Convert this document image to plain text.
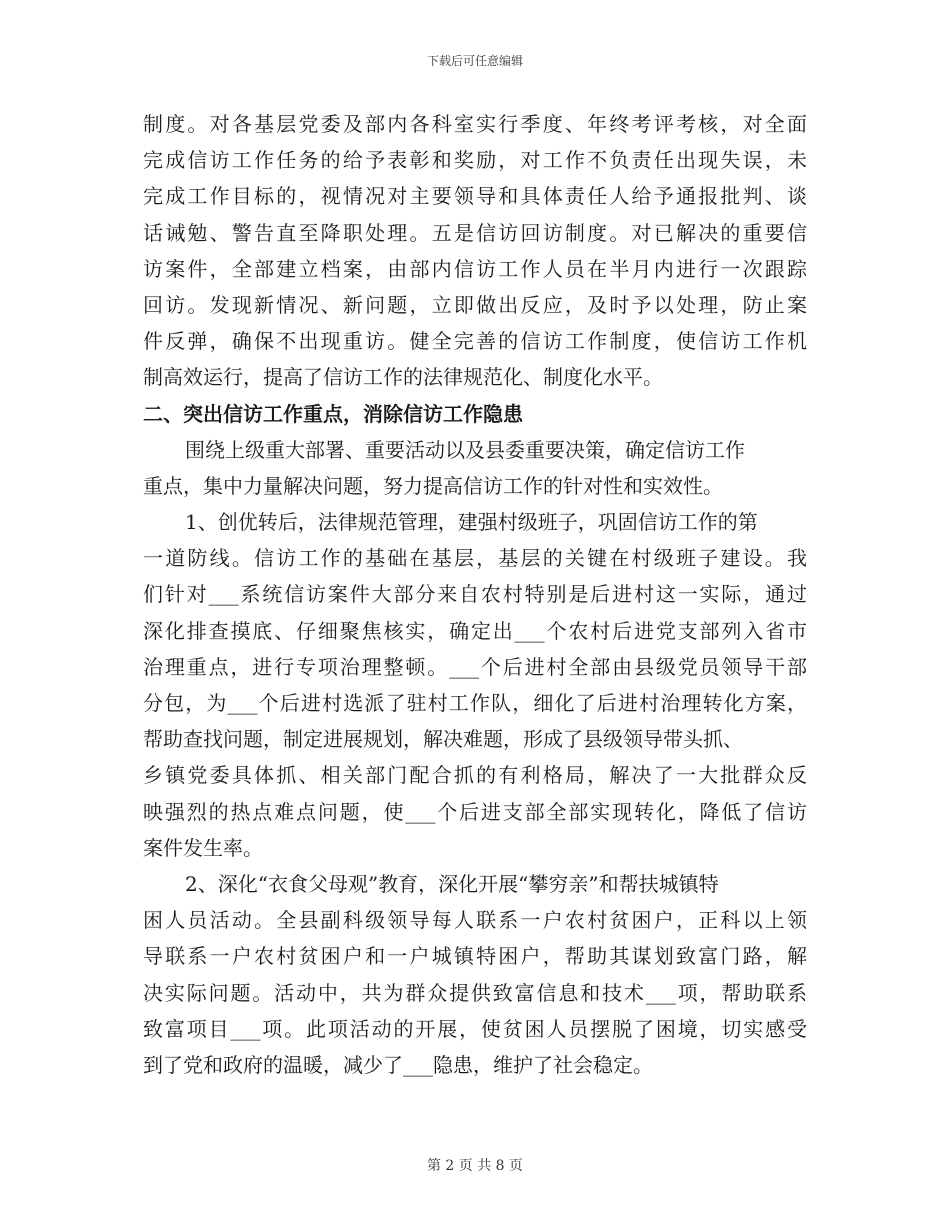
下载后可任意编辑
制度。对各基层党委及部内各科室实行季度、年终考评考核，对全面
完成信访工作任务的给予表彰和奖励，对工作不负责任出现失误，未
完成工作目标的，视情况对主要领导和具体责任人给予通报批判、谈
话诫勉、警告直至降职处理。五是信访回访制度。对已解决的重要信
访案件，全部建立档案，由部内信访工作人员在半月内进行一次跟踪
回访。发现新情况、新问题，立即做出反应，及时予以处理，防止案
件反弹，确保不出现重访。健全完善的信访工作制度，使信访工作机
制高效运行，提高了信访工作的法律规范化、制度化水平。
二、突出信访工作重点，消除信访工作隐患
围绕上级重大部署、重要活动以及县委重要决策，确定信访工作
重点，集中力量解决问题，努力提高信访工作的针对性和实效性。
1、创优转后，法律规范管理，建强村级班子，巩固信访工作的第
一道防线。信访工作的基础在基层，基层的关键在村级班子建设。我
们针对___系统信访案件大部分来自农村特别是后进村这一实际，通过
深化排查摸底、仔细聚焦核实，确定出___个农村后进党支部列入省市
治理重点，进行专项治理整顿。___个后进村全部由县级党员领导干部
分包，为___个后进村选派了驻村工作队，细化了后进村治理转化方案，
帮助查找问题，制定进展规划，解决难题，形成了县级领导带头抓、
乡镇党委具体抓、相关部门配合抓的有利格局，解决了一大批群众反
映强烈的热点难点问题，使___个后进支部全部实现转化，降低了信访
案件发生率。
2、深化“衣食父母观”教育，深化开展“攀穷亲”和帮扶城镇特
困人员活动。全县副科级领导每人联系一户农村贫困户，正科以上领
导联系一户农村贫困户和一户城镇特困户，帮助其谋划致富门路，解
决实际问题。活动中，共为群众提供致富信息和技术___项，帮助联系
致富项目___项。此项活动的开展，使贫困人员摆脱了困境，切实感受
到了党和政府的温暖，减少了___隐患，维护了社会稳定。
第 2 页 共 8 页
